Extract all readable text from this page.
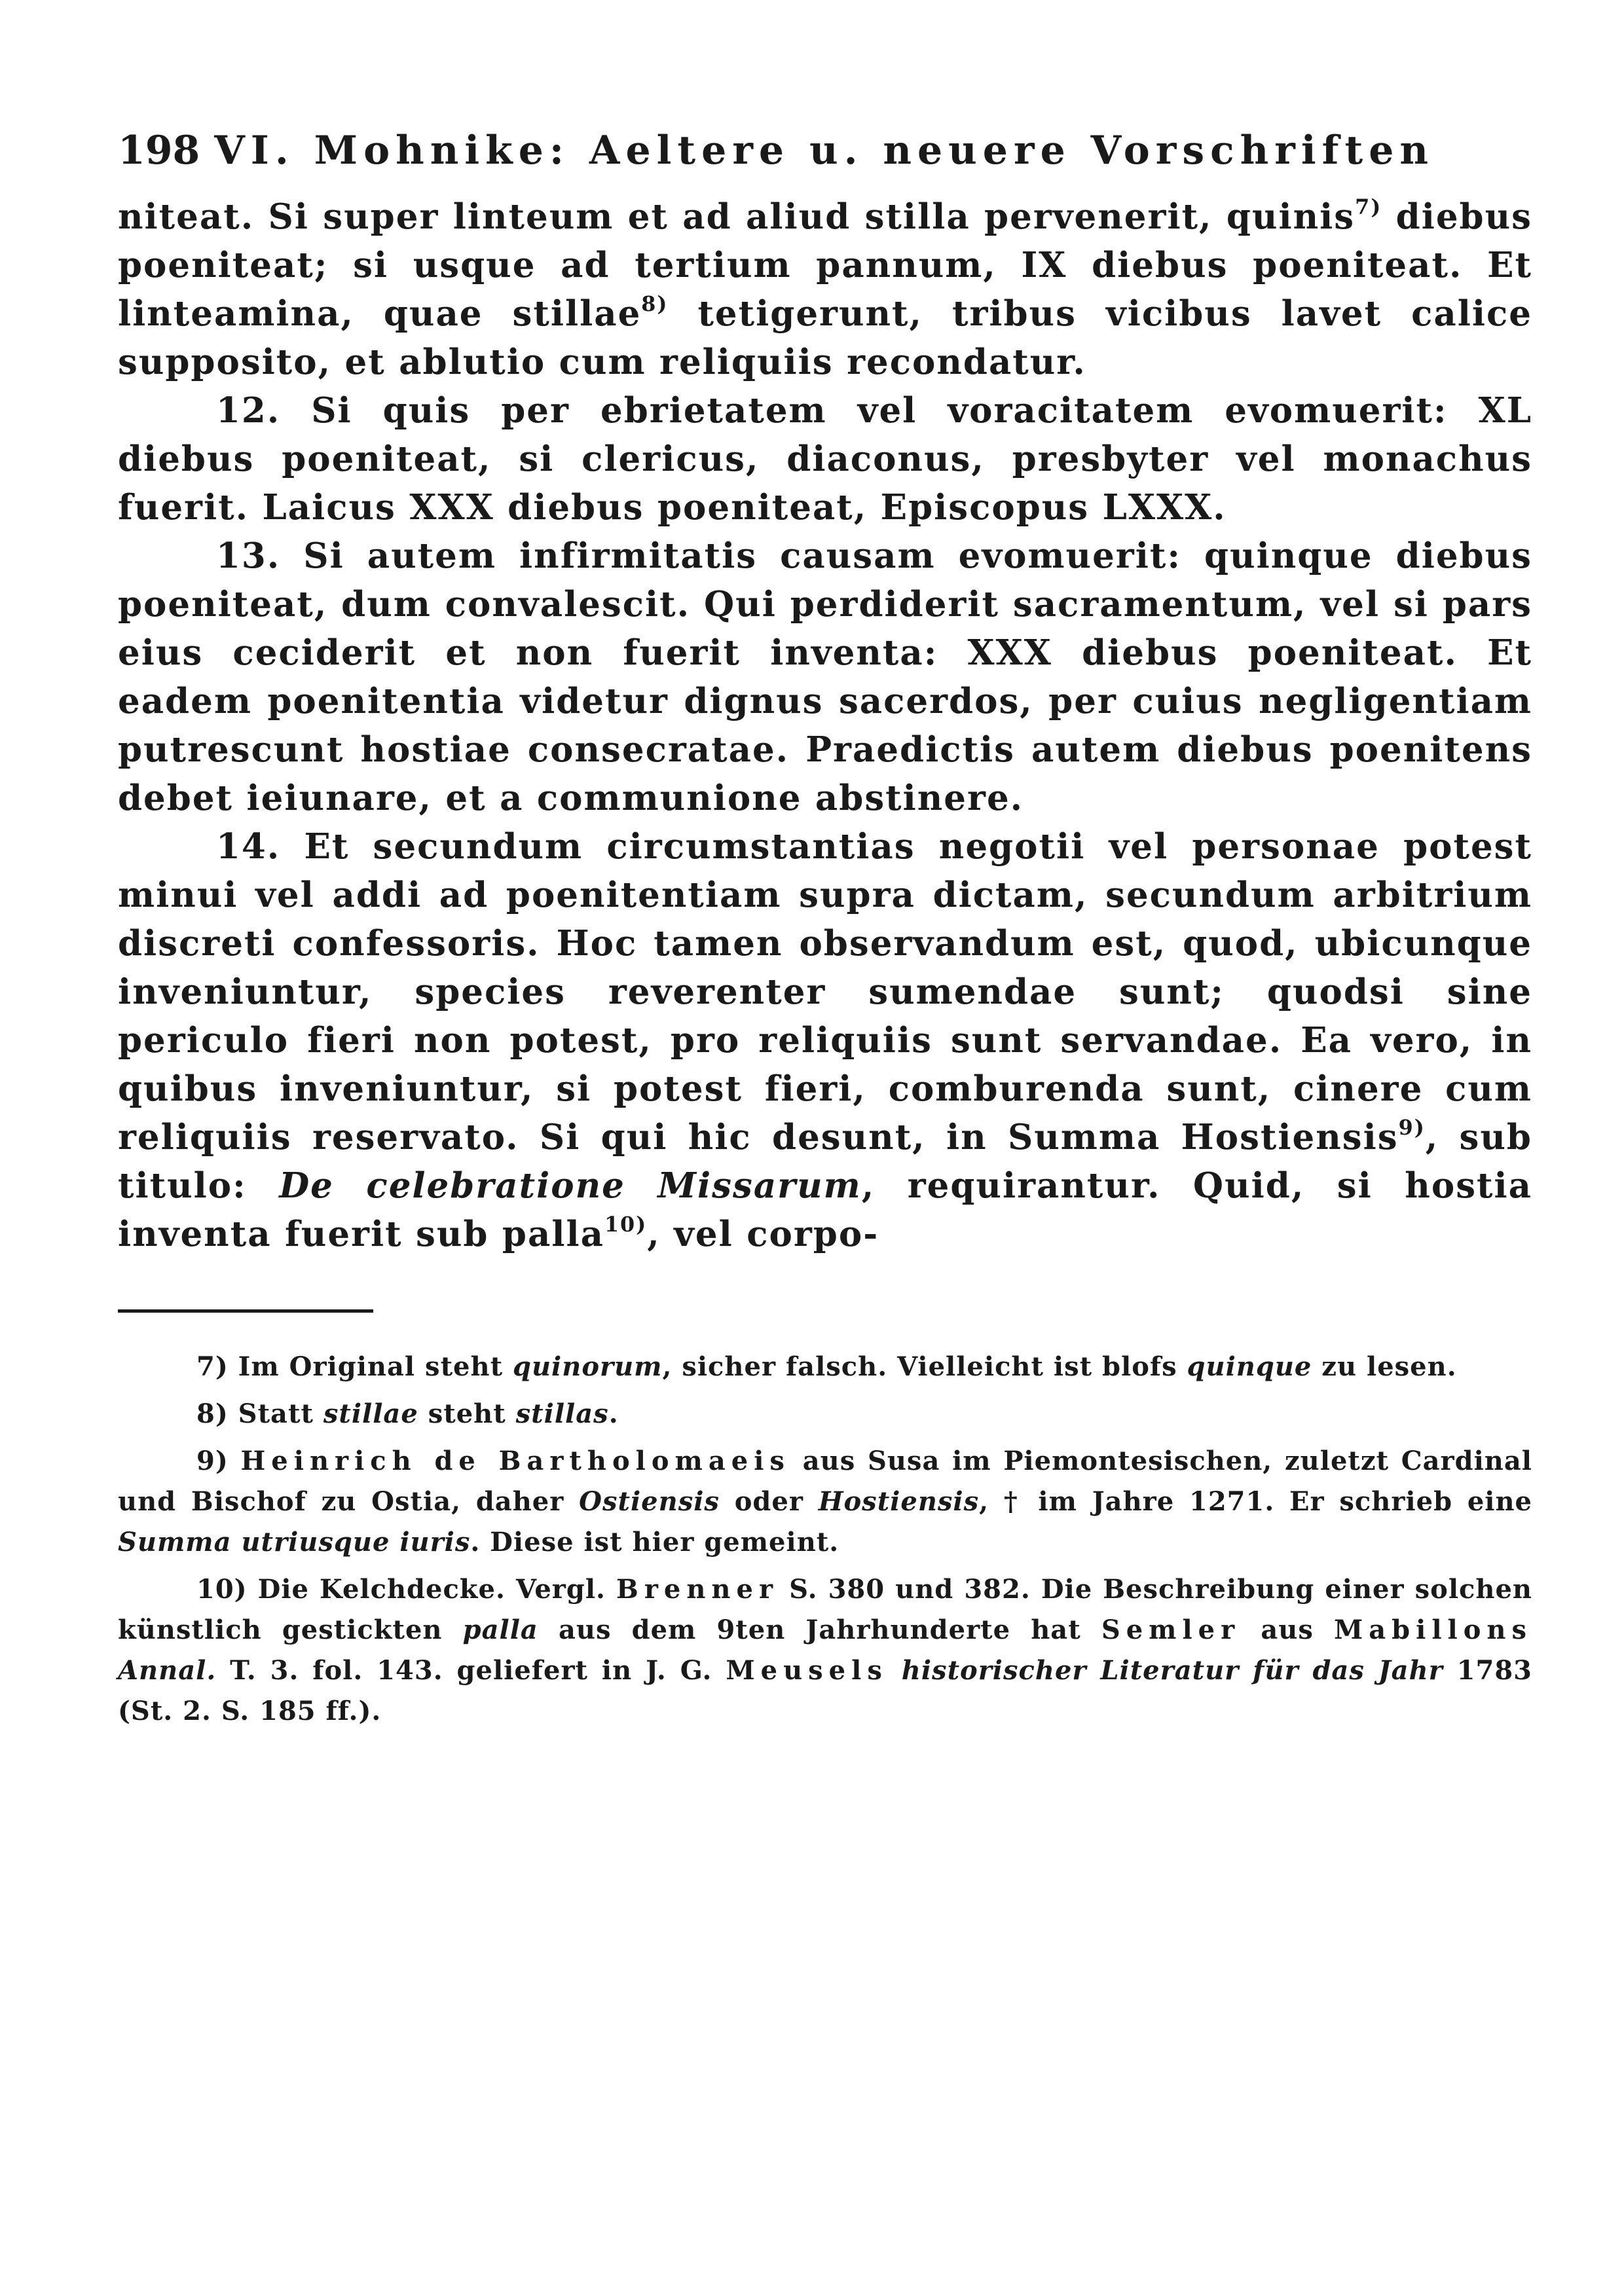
198 VI. Mohnike: Aeltere u. neuere Vorschriften

niteat. Si super linteum et ad aliud stilla pervenerit, quinis$^{7)}$ diebus poeniteat; si usque ad tertium pannum, IX diebus poeniteat. Et linteamina, quae stillae$^{8)}$ tetigerunt, tribus vicibus lavet calice supposito, et ablutio cum reliquiis recondatur.

12. Si quis per ebrietatem vel voracitatem evomuerit: XL diebus poeniteat, si clericus, diaconus, presbyter vel monachus fuerit. Laicus XXX diebus poeniteat, Episcopus LXXX.

13. Si autem infirmitatis causam evomuerit: quinque diebus poeniteat, dum convalescit. Qui perdiderit sacramentum, vel si pars eius ceciderit et non fuerit inventa: XXX diebus poeniteat. Et eadem poenitentia videtur dignus sacerdos, per cuius negligentiam putrescunt hostiae consecratae. Praedictis autem diebus poenitens debet ieiunare, et a communione abstinere.

14. Et secundum circumstantias negotii vel personae potest minui vel addi ad poenitentiam supra dictam, secundum arbitrium discreti confessoris. Hoc tamen observandum est, quod, ubicunque inveniuntur, species reverenter sumendae sunt; quodsi sine periculo fieri non potest, pro reliquiis sunt servandae. Ea vero, in quibus inveniuntur, si potest fieri, comburenda sunt, cinere cum reliquiis reservato. Si qui hic desunt, in Summa Hostiensis$^{9)}$, sub titulo: De celebratione Missarum, requirantur. Quid, si hostia inventa fuerit sub palla$^{10)}$, vel corpo-

7) Im Original steht quinorum, sicher falsch. Vielleicht ist blofs quinque zu lesen.

8) Statt stillae steht stillas.

9) Heinrich de Bartholomaeis aus Susa im Piemontesischen, zuletzt Cardinal und Bischof zu Ostia, daher Ostiensis oder Hostiensis, † im Jahre 1271. Er schrieb eine Summa utriusque iuris. Diese ist hier gemeint.

10) Die Kelchdecke. Vergl. Brenner S. 380 und 382. Die Beschreibung einer solchen künstlich gestickten palla aus dem 9ten Jahrhunderte hat Semler aus Mabillons Annal. T. 3. fol. 143. geliefert in J. G. Meusels historischer Literatur für das Jahr 1783 (St. 2. S. 185 ff.).
